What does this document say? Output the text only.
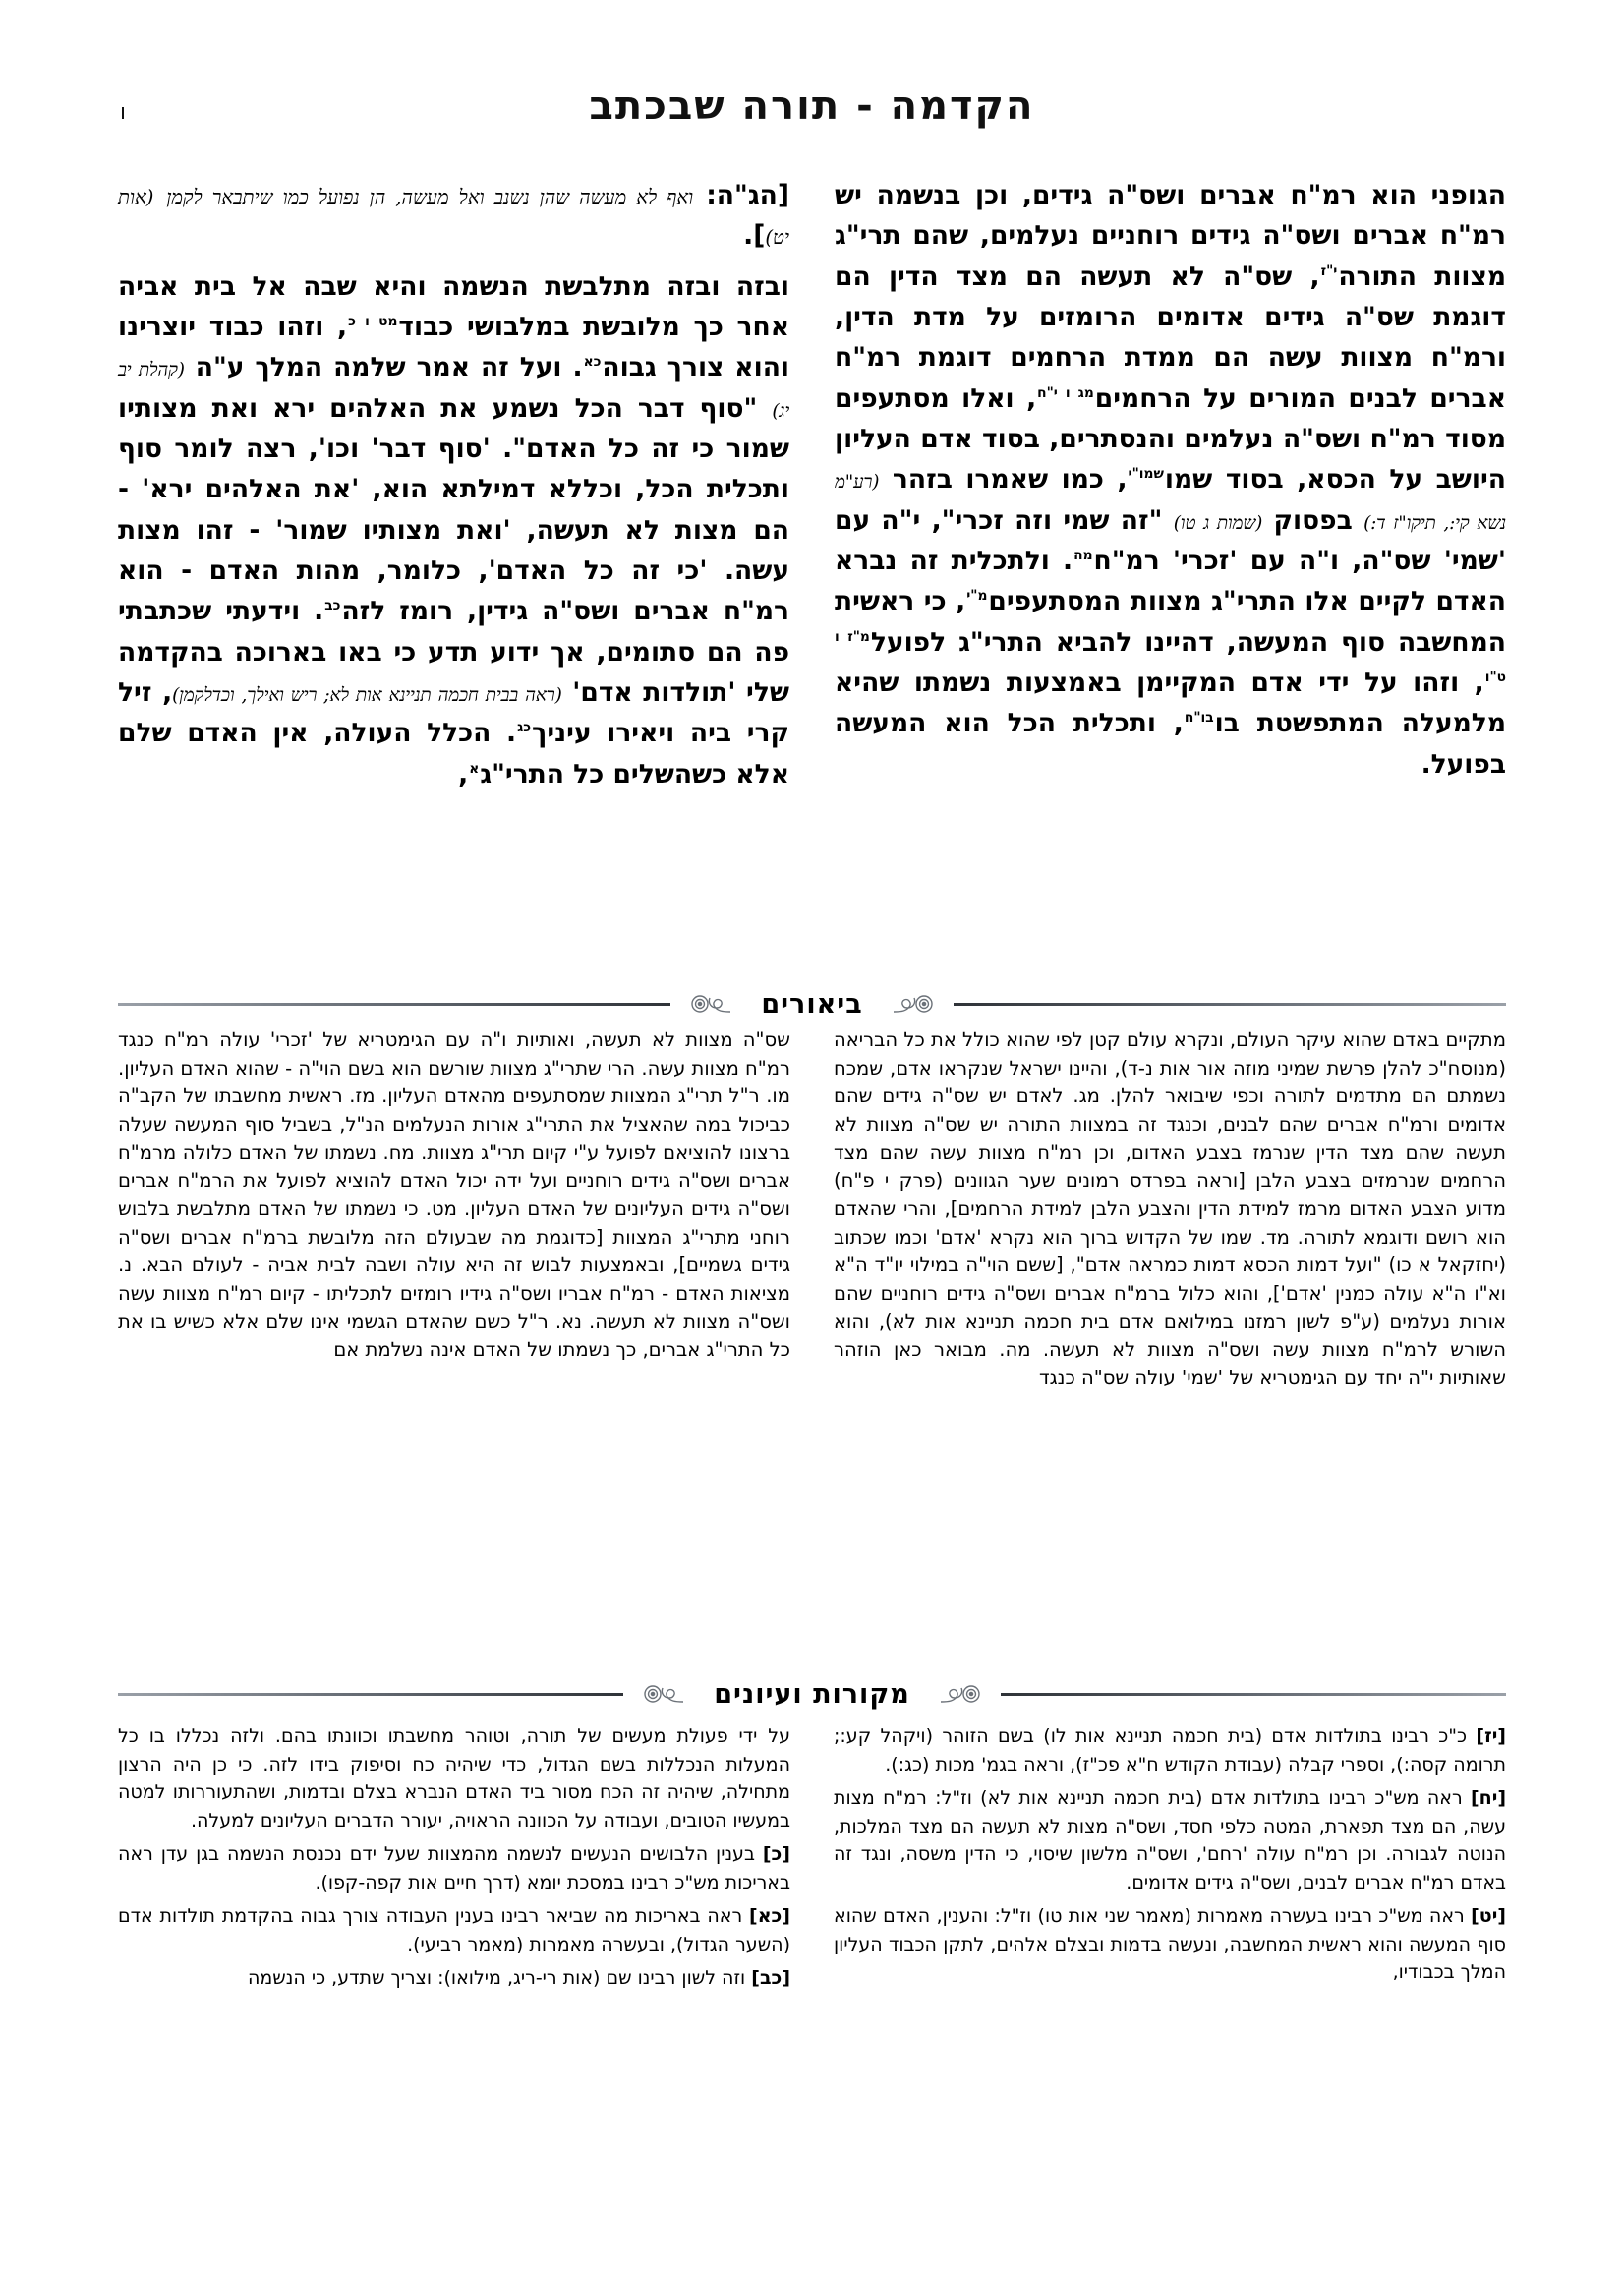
הקדמה - תורה שבכתב
ו

הגופני הוא רמ"ח אברים ושס"ה גידים, וכן בנשמה יש רמ"ח אברים ושס"ה גידים רוחניים נעלמים, שהם תרי"ג מצוות התורה$^{י"ז}$, שס"ה לא תעשה הם מצד הדין הם דוגמת שס"ה גידים אדומים הרומזים על מדת הדין, ורמ"ח מצוות עשה הם ממדת הרחמים דוגמת רמ"ח אברים לבנים המורים על הרחמים$^{מג ו י"ח}$, ואלו מסתעפים מסוד רמ"ח ושס"ה נעלמים והנסתרים, בסוד אדם העליון היושב על הכסא, בסוד שמו$^{שמו"י}$, כמו שאמרו בזהר (רע"מ נשא קי:, תיקו"ז ד:) בפסוק (שמות ג טו) "זה שמי וזה זכרי", י"ה עם 'שמי' שס"ה, ו"ה עם 'זכרי' רמ"ח$^{מה}$. ולתכלית זה נברא האדם לקיים אלו התרי"ג מצוות המסתעפים$^{מ"י}$, כי ראשית המחשבה סוף המעשה, דהיינו להביא התרי"ג לפועל$^{מ"ז ו ט"ו}$, וזהו על ידי אדם המקיימן באמצעות נשמתו שהיא מלמעלה המתפשטת בו$^{בו"ח}$, ותכלית הכל הוא המעשה בפועל.

[הג"ה: ואף לא מעשה שהן נשנב ואל מעשה, הן נפועל כמו שיתבאר לקמן (אות יט)].

ובזה ובזה מתלבשת הנשמה והיא שבה אל בית אביה אחר כך מלובשת במלבושי כבוד$^{מט ו כ}$, וזהו כבוד יוצרינו והוא צורך גבוה$^{כא}$. ועל זה אמר שלמה המלך ע"ה (קהלת יב יג) "סוף דבר הכל נשמע את האלהים ירא ואת מצותיו שמור כי זה כל האדם". 'סוף דבר' וכו', רצה לומר סוף ותכלית הכל, וכללא דמילתא הוא, 'את האלהים ירא' - הם מצות לא תעשה, 'ואת מצותיו שמור' - זהו מצות עשה. 'כי זה כל האדם', כלומר, מהות האדם - הוא רמ"ח אברים ושס"ה גידין, רומז לזה$^{כב}$. וידעתי שכתבתי פה הם סתומים, אך ידוע תדע כי באו בארוכה בהקדמה שלי 'תולדות אדם' (ראה בבית חכמה תניינא אות לא; ריש ואילך, וכדלקמן), זיל קרי ביה ויאירו עיניך$^{כג}$. הכלל העולה, אין האדם שלם אלא כשהשלים כל התרי"ג$^א$,

ביאורים

מתקיים באדם שהוא עיקר העולם, ונקרא עולם קטן לפי שהוא כולל את כל הבריאה (מנוסח"כ להלן פרשת שמיני מוזה אור אות נ-ד), והיינו ישראל שנקראו אדם, שמכח נשמתם הם מתדמים לתורה וכפי שיבואר להלן. מג. לאדם יש שס"ה גידים שהם אדומים ורמ"ח אברים שהם לבנים, וכנגד זה במצוות התורה יש שס"ה מצוות לא תעשה שהם מצד הדין שנרמז בצבע האדום, וכן רמ"ח מצוות עשה שהם מצד הרחמים שנרמזים בצבע הלבן [וראה בפרדס רמונים שער הגוונים (פרק י פ"ח) מדוע הצבע האדום מרמז למידת הדין והצבע הלבן למידת הרחמים], והרי שהאדם הוא רושם ודוגמא לתורה. מד. שמו של הקדוש ברוך הוא נקרא 'אדם' וכמו שכתוב (יחזקאל א כו) "ועל דמות הכסא דמות כמראה אדם", [ששם הוי"ה במילוי יו"ד ה"א וא"ו ה"א עולה כמנין 'אדם'], והוא כלול ברמ"ח אברים ושס"ה גידים רוחניים שהם אורות נעלמים (ע"פ לשון רמזנו במילואם אדם בית חכמה תניינא אות לא), והוא השורש לרמ"ח מצוות עשה ושס"ה מצוות לא תעשה. מה. מבואר כאן הוזהר שאותיות י"ה יחד עם הגימטריא של 'שמי' עולה שס"ה כנגד

שס"ה מצוות לא תעשה, ואותיות ו"ה עם הגימטריא של 'זכרי' עולה רמ"ח כנגד רמ"ח מצוות עשה. הרי שתרי"ג מצוות שורשם הוא בשם הוי"ה - שהוא האדם העליון. מו. ר"ל תרי"ג המצוות שמסתעפים מהאדם העליון. מז. ראשית מחשבתו של הקב"ה כביכול במה שהאציל את התרי"ג אורות הנעלמים הנ"ל, בשביל סוף המעשה שעלה ברצונו להוציאם לפועל ע"י קיום תרי"ג מצוות. מח. נשמתו של האדם כלולה מרמ"ח אברים ושס"ה גידים רוחניים ועל ידה יכול האדם להוציא לפועל את הרמ"ח אברים ושס"ה גידים העליונים של האדם העליון. מט. כי נשמתו של האדם מתלבשת בלבוש רוחני מתרי"ג המצוות [כדוגמת מה שבעולם הזה מלובשת ברמ"ח אברים ושס"ה גידים גשמיים], ובאמצעות לבוש זה היא עולה ושבה לבית אביה - לעולם הבא. נ. מציאות האדם - רמ"ח אבריו ושס"ה גידיו רומזים לתכליתו - קיום רמ"ח מצוות עשה ושס"ה מצוות לא תעשה. נא. ר"ל כשם שהאדם הגשמי אינו שלם אלא כשיש בו את כל התרי"ג אברים, כך נשמתו של האדם אינה נשלמת אם

מקורות ועיונים

[יז] כ"כ רבינו בתולדות אדם (בית חכמה תניינא אות לו) בשם הזוהר (ויקהל קע:; תרומה קסה:), וספרי קבלה (עבודת הקודש ח"א פכ"ז), וראה בגמ' מכות (כג:).

[יח] ראה מש"כ רבינו בתולדות אדם (בית חכמה תניינא אות לא) וז"ל: רמ"ח מצות עשה, הם מצד תפארת, המטה כלפי חסד, ושס"ה מצות לא תעשה הם מצד המלכות, הנוטה לגבורה. וכן רמ"ח עולה 'רחם', ושס"ה מלשון שיסוי, כי הדין משסה, ונגד זה באדם רמ"ח אברים לבנים, ושס"ה גידים אדומים.

[יט] ראה מש"כ רבינו בעשרה מאמרות (מאמר שני אות טו) וז"ל: והענין, האדם שהוא סוף המעשה והוא ראשית המחשבה, ונעשה בדמות ובצלם אלהים, לתקן הכבוד העליון המלך בכבודיו,

על ידי פעולת מעשים של תורה, וטוהר מחשבתו וכוונתו בהם. ולזה נכללו בו כל המעלות הנכללות בשם הגדול, כדי שיהיה כח וסיפוק בידו לזה. כי כן היה הרצון מתחילה, שיהיה זה הכח מסור ביד האדם הנברא בצלם ובדמות, ושהתעוררותו למטה במעשיו הטובים, ועבודה על הכוונה הראויה, יעורר הדברים העליונים למעלה.

[כ] בענין הלבושים הנעשים לנשמה מהמצוות שעל ידם נכנסת הנשמה בגן עדן ראה באריכות מש"כ רבינו במסכת יומא (דרך חיים אות קפה-קפו).

[כא] ראה באריכות מה שביאר רבינו בענין העבודה צורך גבוה בהקדמת תולדות אדם (השער הגדול), ובעשרה מאמרות (מאמר רביעי).

[כב] וזה לשון רבינו שם (אות רי-ריג, מילואו): וצריך שתדע, כי הנשמה
